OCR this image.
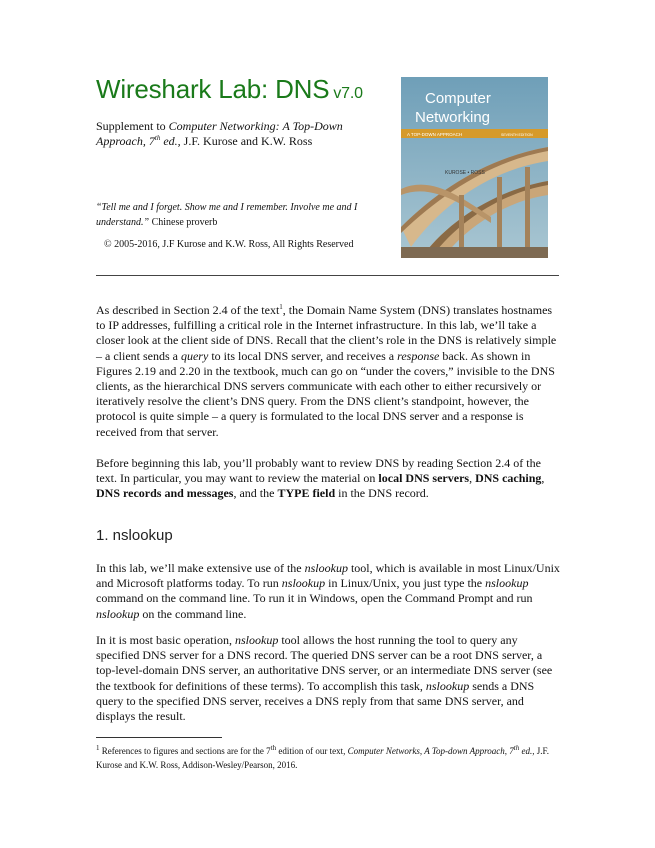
Wireshark Lab: DNS v7.0
Supplement to Computer Networking: A Top-Down Approach, 7th ed., J.F. Kurose and K.W. Ross
“Tell me and I forget. Show me and I remember. Involve me and I understand.” Chinese proverb
© 2005-2016, J.F Kurose and K.W. Ross, All Rights Reserved
Computer
Networking
A TOP-DOWN APPROACH	SEVENTH EDITION
KUROSE • ROSS

As described in Section 2.4 of the text$^1$, the Domain Name System (DNS) translates hostnames to IP addresses, fulfilling a critical role in the Internet infrastructure. In this lab, we’ll take a closer look at the client side of DNS. Recall that the client’s role in the DNS is relatively simple – a client sends a query to its local DNS server, and receives a response back. As shown in Figures 2.19 and 2.20 in the textbook, much can go on “under the covers,” invisible to the DNS clients, as the hierarchical DNS servers communicate with each other to either recursively or iteratively resolve the client’s DNS query. From the DNS client’s standpoint, however, the protocol is quite simple – a query is formulated to the local DNS server and a response is received from that server.

Before beginning this lab, you’ll probably want to review DNS by reading Section 2.4 of the text. In particular, you may want to review the material on local DNS servers, DNS caching, DNS records and messages, and the TYPE field in the DNS record.

1. nslookup

In this lab, we’ll make extensive use of the nslookup tool, which is available in most Linux/Unix and Microsoft platforms today. To run nslookup in Linux/Unix, you just type the nslookup command on the command line. To run it in Windows, open the Command Prompt and run nslookup on the command line.

In it is most basic operation, nslookup tool allows the host running the tool to query any specified DNS server for a DNS record. The queried DNS server can be a root DNS server, a top-level-domain DNS server, an authoritative DNS server, or an intermediate DNS server (see the textbook for definitions of these terms). To accomplish this task, nslookup sends a DNS query to the specified DNS server, receives a DNS reply from that same DNS server, and displays the result.

$^1$ References to figures and sections are for the 7th edition of our text, Computer Networks, A Top-down Approach, 7th ed., J.F. Kurose and K.W. Ross, Addison-Wesley/Pearson, 2016.
